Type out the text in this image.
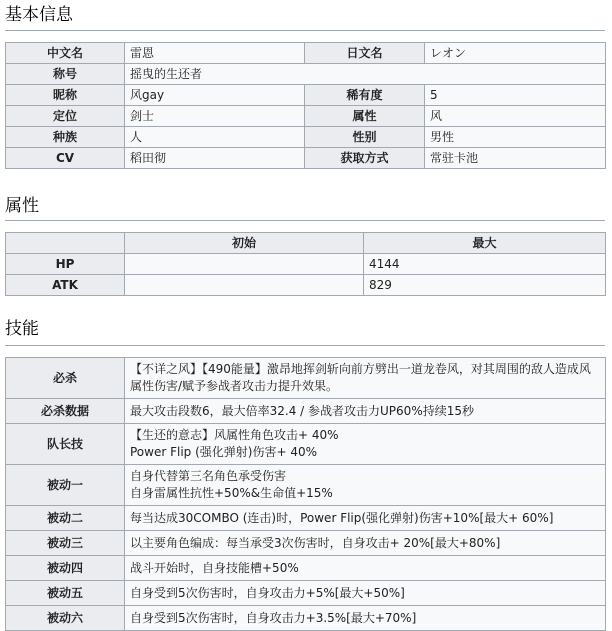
基本信息
中文名	雷恩	日文名	レオン
称号	摇曳的生还者		
昵称	风gay	稀有度	5
定位	剑士	属性	风
种族	人	性别	男性
CV	稻田彻	获取方式	常驻卡池
属性
	初始	最大
HP		4144
ATK		829
技能
必杀	【不详之风】【490能量】激昂地挥剑斩向前方劈出一道龙卷风，对其周围的敌人造成风属性伤害/赋予参战者攻击力提升效果。
必杀数据	最大攻击段数6，最大倍率32.4 / 参战者攻击力UP60%持续15秒
队长技	【生还的意志】风属性角色攻击+ 40%
Power Flip (强化弹射)伤害+ 40%

被动一	自身代替第三名角色承受伤害
自身雷属性抗性+50%&生命值+15%

被动二	每当达成30COMBO (连击)时，Power Flip(强化弹射)伤害+10%[最大+ 60%]
被动三	以主要角色编成：每当承受3次伤害时，自身攻击+ 20%[最大+80%]
被动四	战斗开始时，自身技能槽+50%
被动五	自身受到5次伤害时，自身攻击力+5%[最大+50%]
被动六	自身受到5次伤害时，自身攻击力+3.5%[最大+70%]
